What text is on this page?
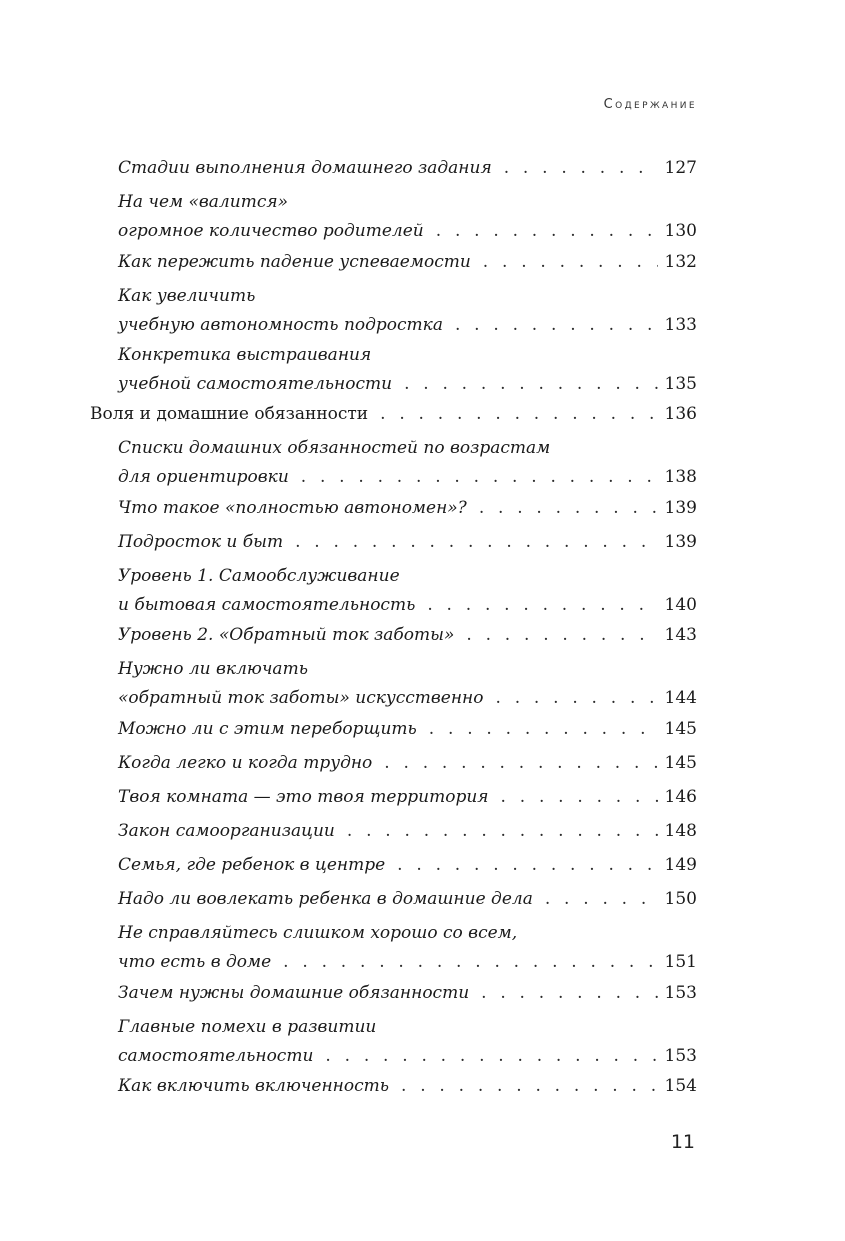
Содержание
Стадии выполнения домашнего задания . . .	127
На чем «валится»
огромное количество родителей . . .	130
Как пережить падение успеваемости . . .	132
Как увеличить
учебную автономность подростка . . .	133
Конкретика выстраивания
учебной самостоятельности . . .	135
Воля и домашние обязанности . . .	136
Списки домашних обязанностей по возрастам
для ориентировки . . .	138
Что такое «полностью автономен»? . . .	139
Подросток и быт . . .	139
Уровень 1. Самообслуживание
и бытовая самостоятельность . . .	140
Уровень 2. «Обратный ток заботы» . . .	143
Нужно ли включать
«обратный ток заботы» искусственно . . .	144
Можно ли с этим переборщить . . .	145
Когда легко и когда трудно . . .	145
Твоя комната — это твоя территория . . .	146
Закон самоорганизации . . .	148
Семья, где ребенок в центре . . .	149
Надо ли вовлекать ребенка в домашние дела . . .	150
Не справляйтесь слишком хорошо со всем,
что есть в доме . . .	151
Зачем нужны домашние обязанности . . .	153
Главные помехи в развитии
самостоятельности . . .	153
Как включить включенность . . .	154
11
